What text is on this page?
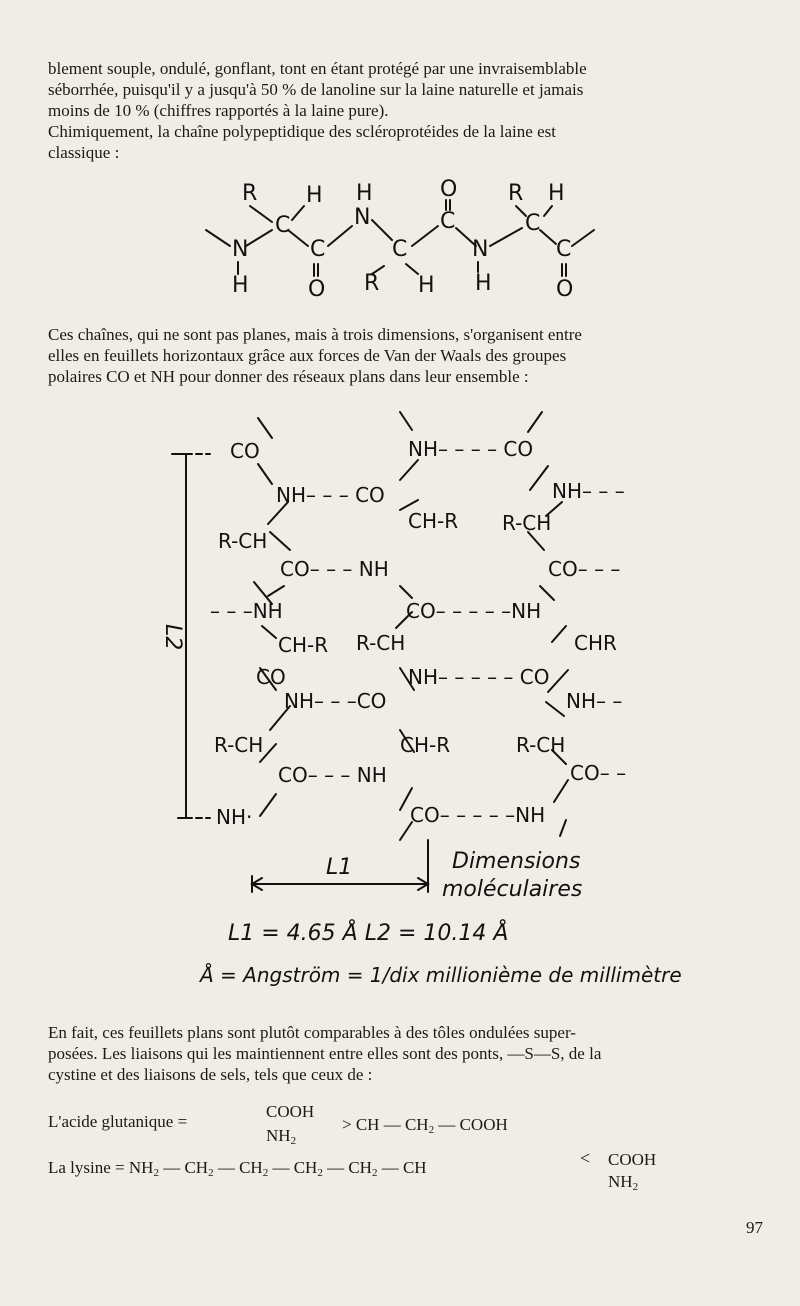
blement souple, ondulé, gonflant, tont en étant protégé par une invraisemblable
séborrhée, puisqu'il y a jusqu'à 50 % de lanoline sur la laine naturelle et jamais
moins de 10 % (chiffres rapportés à la laine pure).
Chimiquement, la chaîne polypeptidique des scléroprotéides de la laine est
classique :
R H H	O R H
C	N	C	C
N	C	C	N	C
H	O R H H	O
Ces chaînes, qui ne sont pas planes, mais à trois dimensions, s'organisent entre
elles en feuillets horizontaux grâce aux forces de Van der Waals des groupes
polaires CO et NH pour donner des réseaux plans dans leur ensemble :
CO	NH– – – – CO
NH– – – CO	NH– – –
CH-R R-CH
R-CH
CO– – – NH	CO– – –
– – –NH	CO– – – – –NH
CH-R R-CH	CHR
CO	NH– – – – – CO
NH– – –CO	NH– –
R-CH	CH-R	R-CH
CO– – – NH	CO– –
NH·	CO– – – – –NH
L2
L1	Dimensions
moléculaires
L1 = 4.65 Å L2 = 10.14 Å
Å = Angström = 1/dix millionième de millimètre
En fait, ces feuillets plans sont plutôt comparables à des tôles ondulées super-
posées. Les liaisons qui les maintiennent entre elles sont des ponts, —S—S, de la
cystine et des liaisons de sels, tels que ceux de :
L'acide glutanique =
COOH
$NH_2$
> CH — $CH_2$ — COOH
La $lysine = NH_2$ — $CH_2$ — $CH_2$ — $CH_2$ — $CH_2$ — CH	< COOH
$NH_2$
97
